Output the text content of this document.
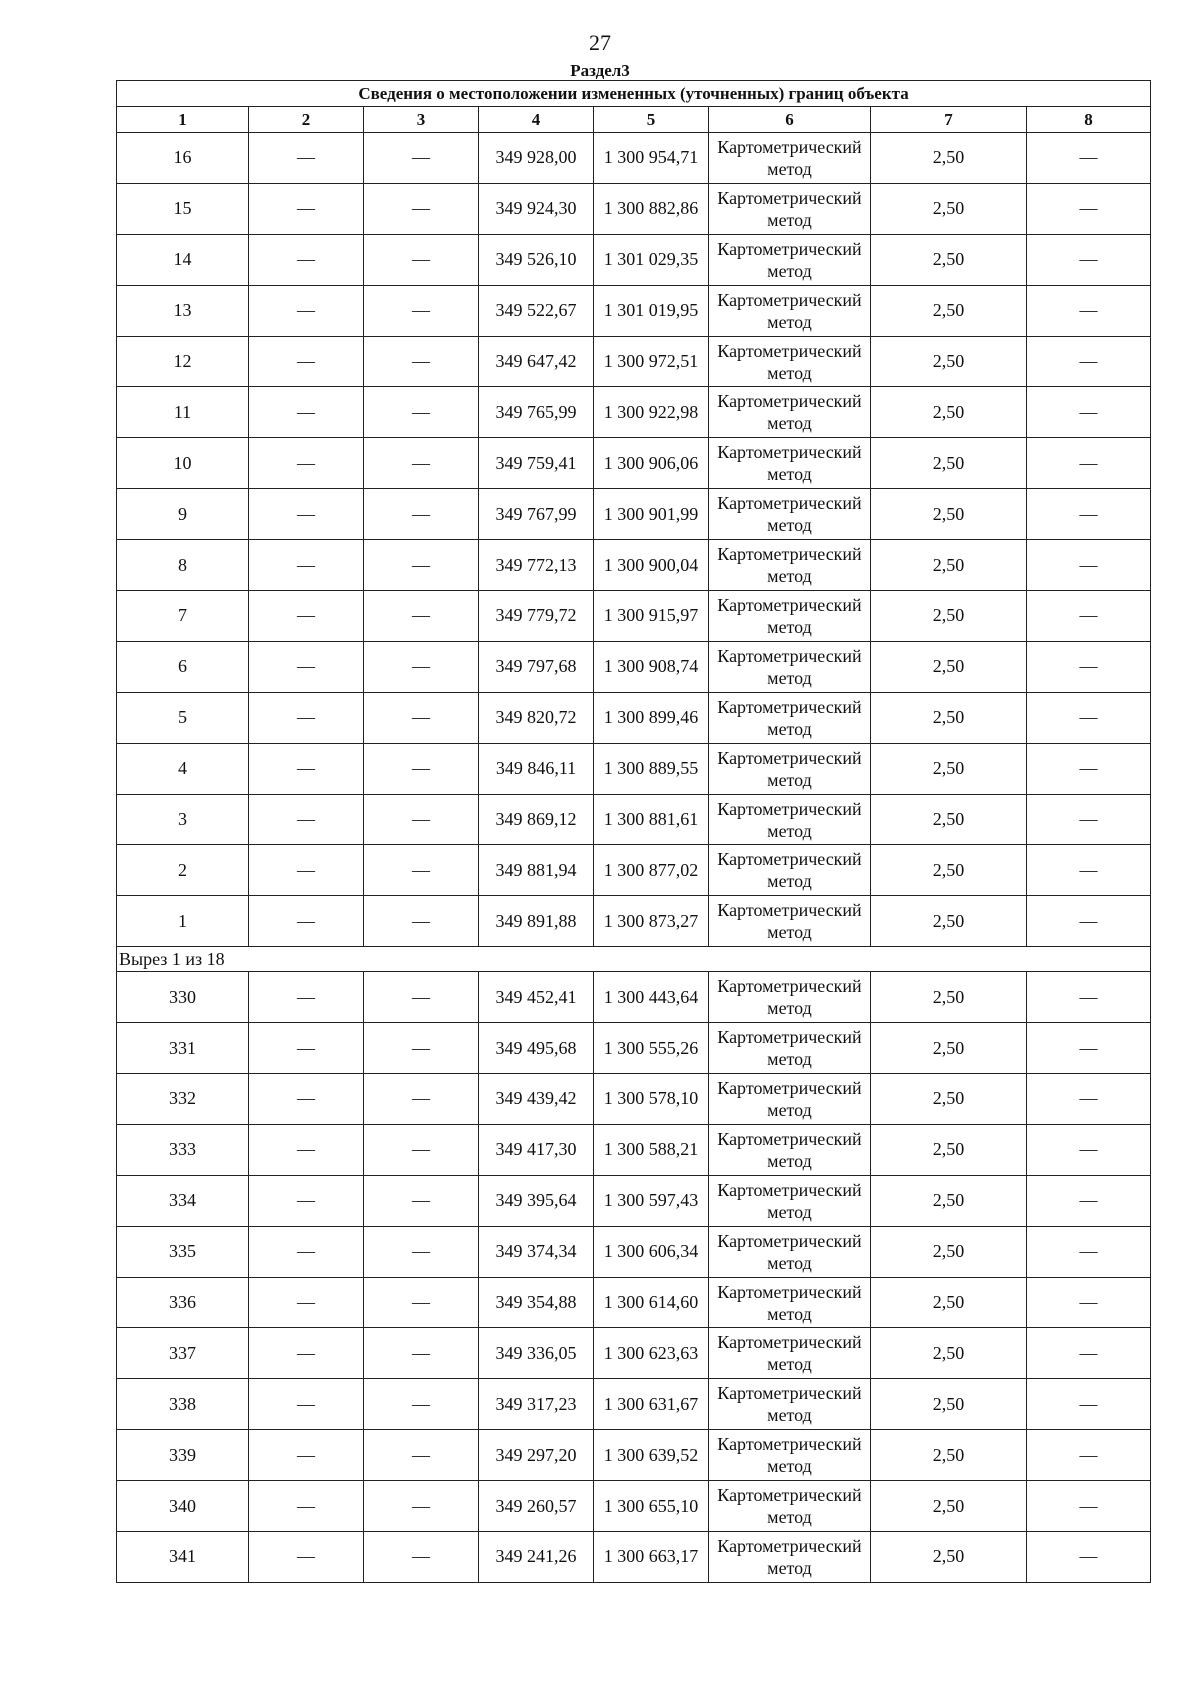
27
Раздел3
Сведения о местоположении измененных (уточненных) границ объекта							
1	2	3	4	5	6	7	8
16	—	—	349 928,00	1 300 954,71	Картометрический метод	2,50	—
15	—	—	349 924,30	1 300 882,86	Картометрический метод	2,50	—
14	—	—	349 526,10	1 301 029,35	Картометрический метод	2,50	—
13	—	—	349 522,67	1 301 019,95	Картометрический метод	2,50	—
12	—	—	349 647,42	1 300 972,51	Картометрический метод	2,50	—
11	—	—	349 765,99	1 300 922,98	Картометрический метод	2,50	—
10	—	—	349 759,41	1 300 906,06	Картометрический метод	2,50	—
9	—	—	349 767,99	1 300 901,99	Картометрический метод	2,50	—
8	—	—	349 772,13	1 300 900,04	Картометрический метод	2,50	—
7	—	—	349 779,72	1 300 915,97	Картометрический метод	2,50	—
6	—	—	349 797,68	1 300 908,74	Картометрический метод	2,50	—
5	—	—	349 820,72	1 300 899,46	Картометрический метод	2,50	—
4	—	—	349 846,11	1 300 889,55	Картометрический метод	2,50	—
3	—	—	349 869,12	1 300 881,61	Картометрический метод	2,50	—
2	—	—	349 881,94	1 300 877,02	Картометрический метод	2,50	—
1	—	—	349 891,88	1 300 873,27	Картометрический метод	2,50	—
Вырез 1 из 18							
330	—	—	349 452,41	1 300 443,64	Картометрический метод	2,50	—
331	—	—	349 495,68	1 300 555,26	Картометрический метод	2,50	—
332	—	—	349 439,42	1 300 578,10	Картометрический метод	2,50	—
333	—	—	349 417,30	1 300 588,21	Картометрический метод	2,50	—
334	—	—	349 395,64	1 300 597,43	Картометрический метод	2,50	—
335	—	—	349 374,34	1 300 606,34	Картометрический метод	2,50	—
336	—	—	349 354,88	1 300 614,60	Картометрический метод	2,50	—
337	—	—	349 336,05	1 300 623,63	Картометрический метод	2,50	—
338	—	—	349 317,23	1 300 631,67	Картометрический метод	2,50	—
339	—	—	349 297,20	1 300 639,52	Картометрический метод	2,50	—
340	—	—	349 260,57	1 300 655,10	Картометрический метод	2,50	—
341	—	—	349 241,26	1 300 663,17	Картометрический метод	2,50	—
